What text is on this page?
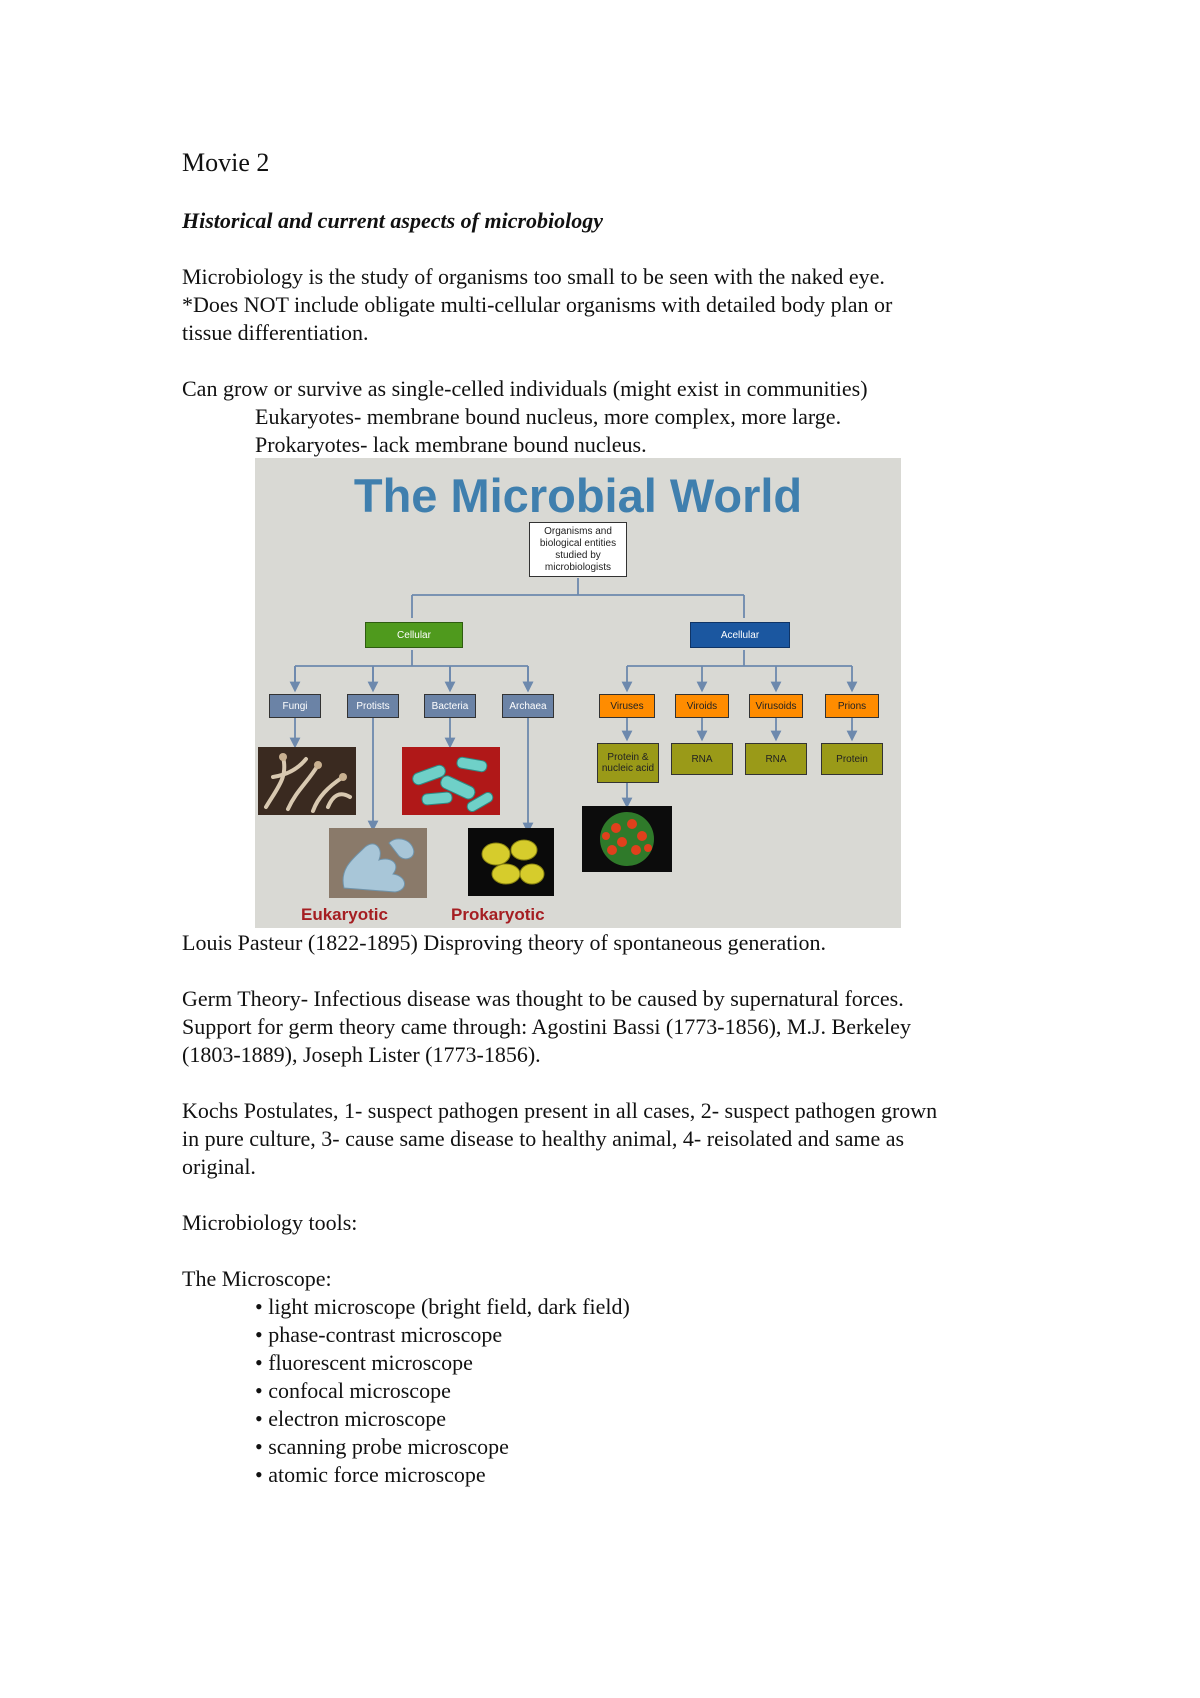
Movie 2
Historical and current aspects of microbiology
Microbiology is the study of organisms too small to be seen with the naked eye.
*Does NOT include obligate multi-cellular organisms with detailed body plan or
tissue differentiation.
Can grow or survive as single-celled individuals (might exist in communities)
Eukaryotes- membrane bound nucleus, more complex, more large.
Prokaryotes- lack membrane bound nucleus.
The Microbial World
Organisms and biological entities studied by microbiologists
Cellular	Acellular
Fungi	Protists	Bacteria	Archaea	Viruses	Viroids	Virusoids	Prions
Protein & nucleic acid
RNA	RNA	Protein
Eukaryotic	Prokaryotic
Louis Pasteur (1822-1895) Disproving theory of spontaneous generation.
Germ Theory- Infectious disease was thought to be caused by supernatural forces.
Support for germ theory came through: Agostini Bassi (1773-1856), M.J. Berkeley
(1803-1889), Joseph Lister (1773-1856).
Kochs Postulates, 1- suspect pathogen present in all cases, 2- suspect pathogen grown
in pure culture, 3- cause same disease to healthy animal, 4- reisolated and same as
original.
Microbiology tools:
The Microscope:
• light microscope (bright field, dark field)
• phase-contrast microscope
• fluorescent microscope
• confocal microscope
• electron microscope
• scanning probe microscope
• atomic force microscope
